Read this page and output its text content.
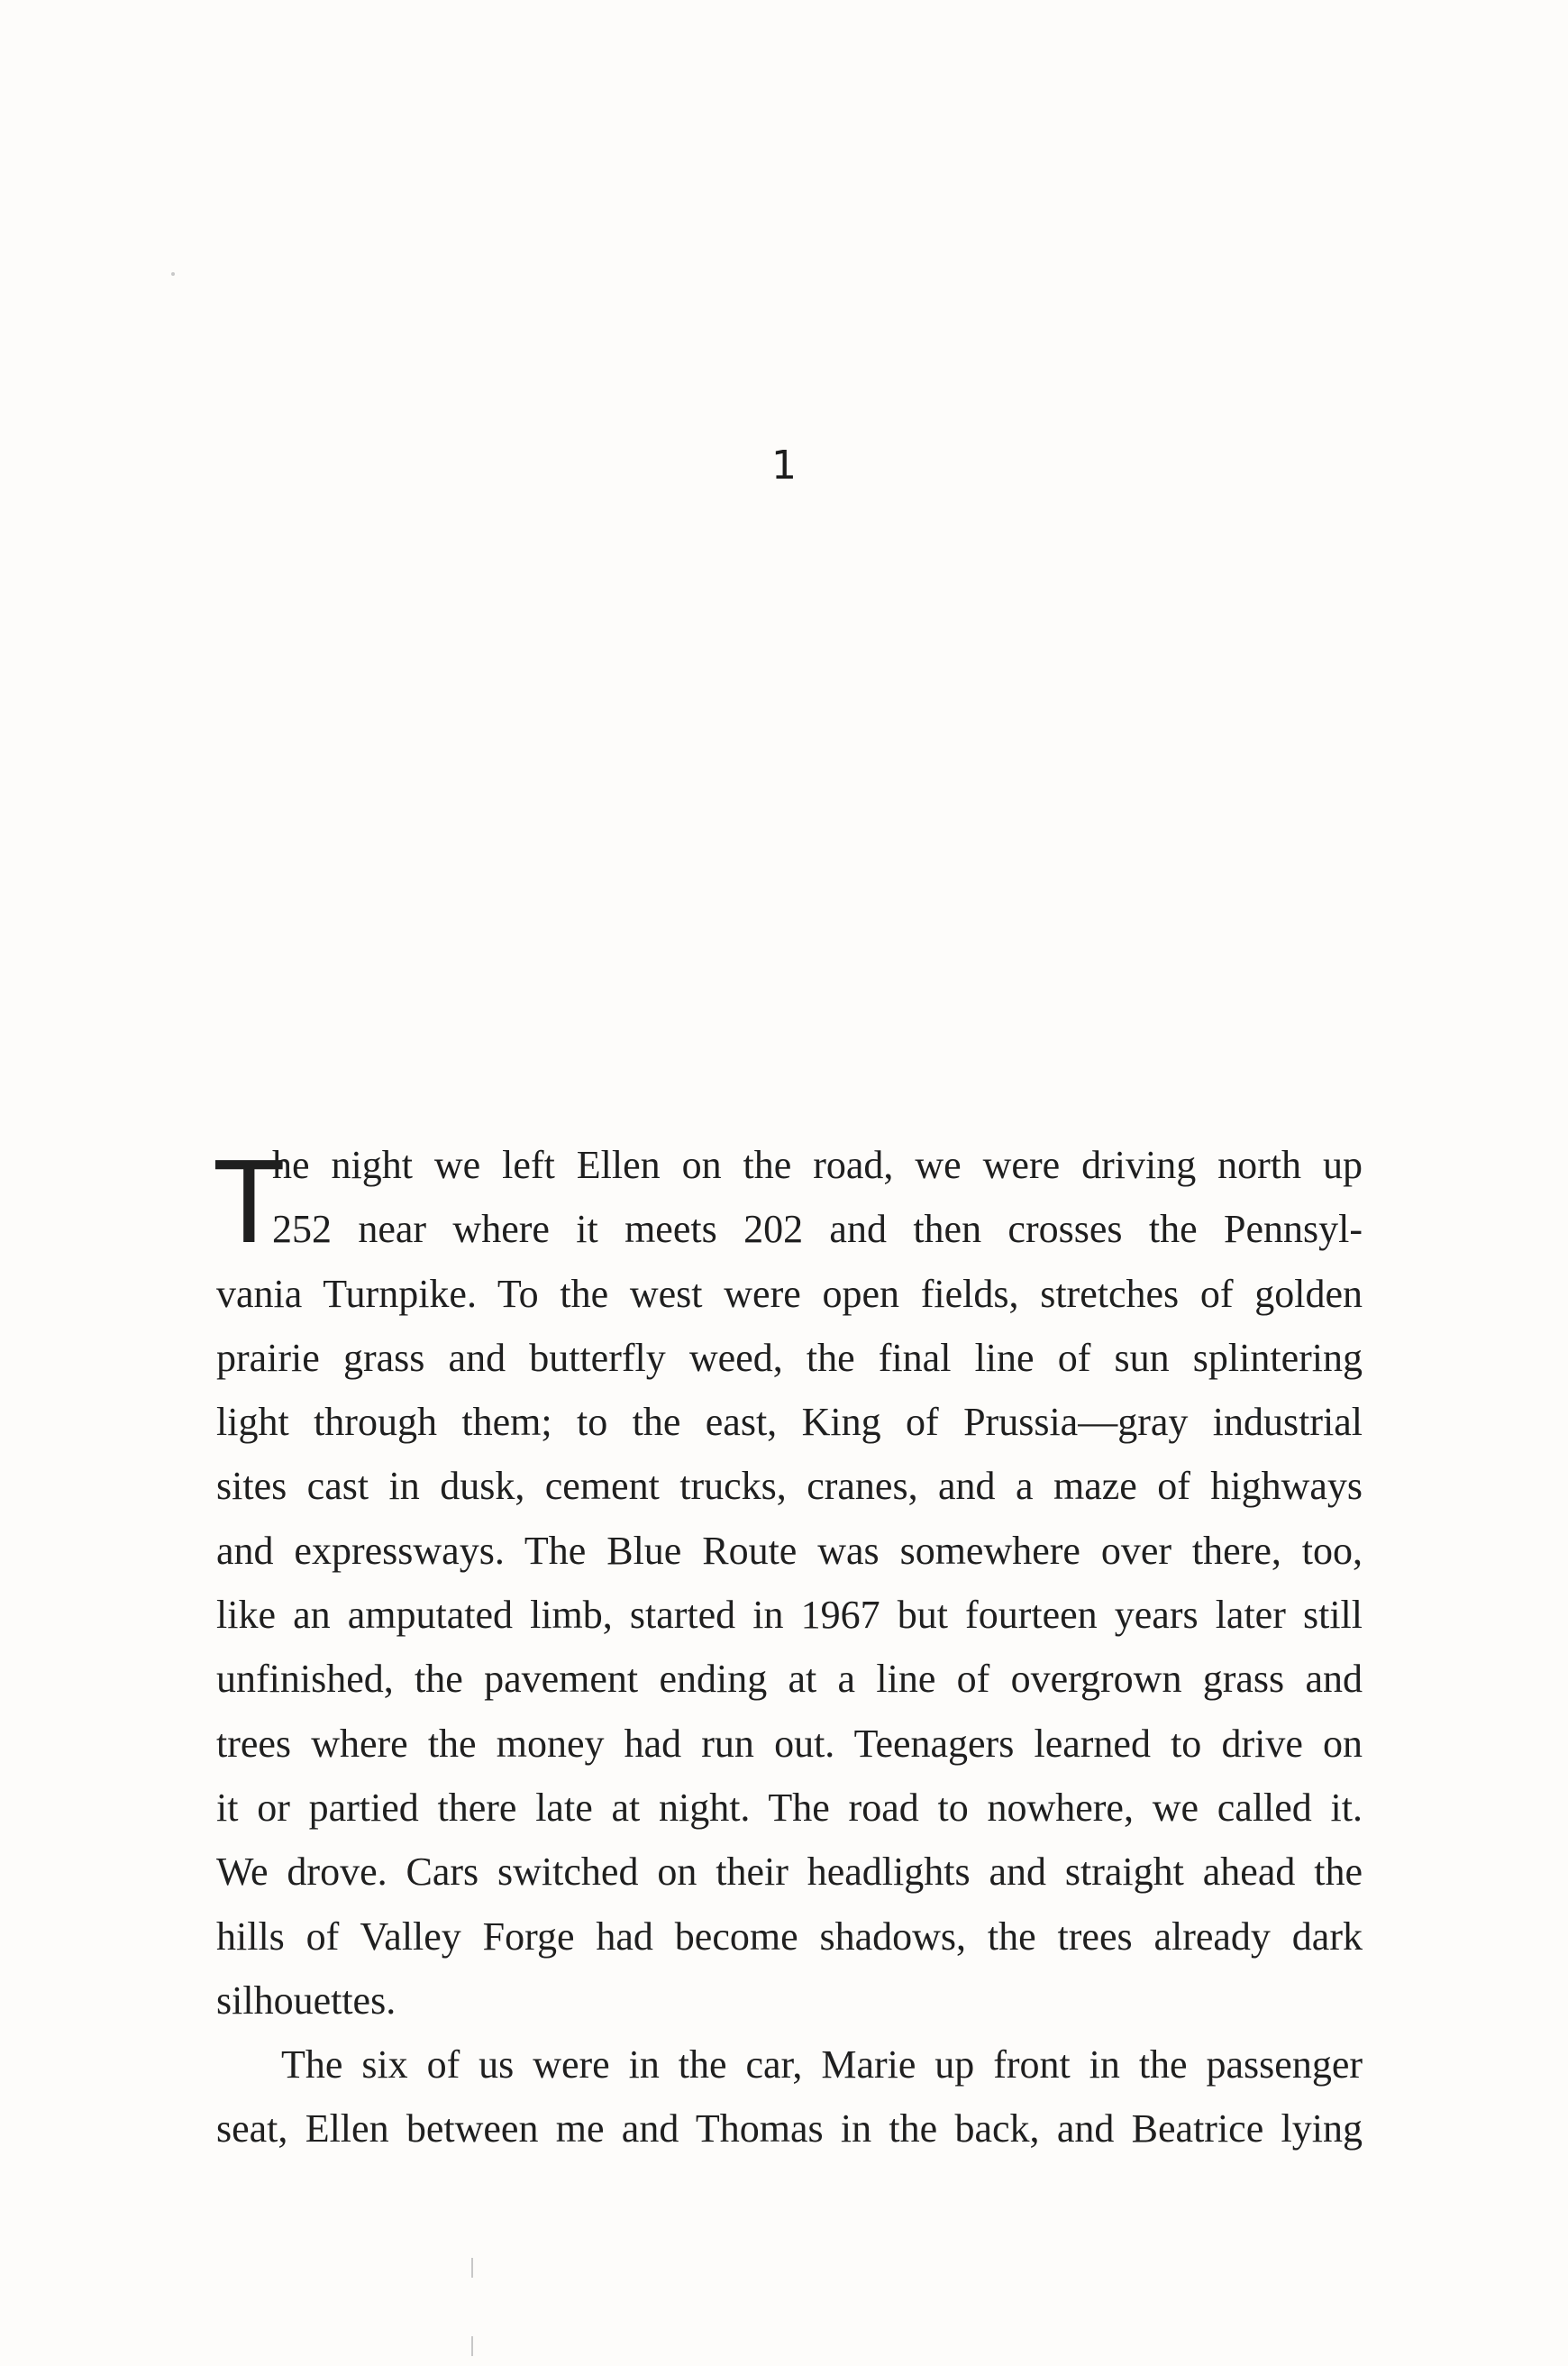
1
T
he night we left Ellen on the road, we were driving north up
252 near where it meets 202 and then crosses the Pennsyl-
vania Turnpike. To the west were open fields, stretches of golden
prairie grass and butterfly weed, the final line of sun splintering
light through them; to the east, King of Prussia—gray industrial
sites cast in dusk, cement trucks, cranes, and a maze of highways
and expressways. The Blue Route was somewhere over there, too,
like an amputated limb, started in 1967 but fourteen years later still
unfinished, the pavement ending at a line of overgrown grass and
trees where the money had run out. Teenagers learned to drive on
it or partied there late at night. The road to nowhere, we called it.
We drove. Cars switched on their headlights and straight ahead the
hills of Valley Forge had become shadows, the trees already dark
silhouettes.
The six of us were in the car, Marie up front in the passenger
seat, Ellen between me and Thomas in the back, and Beatrice lying
